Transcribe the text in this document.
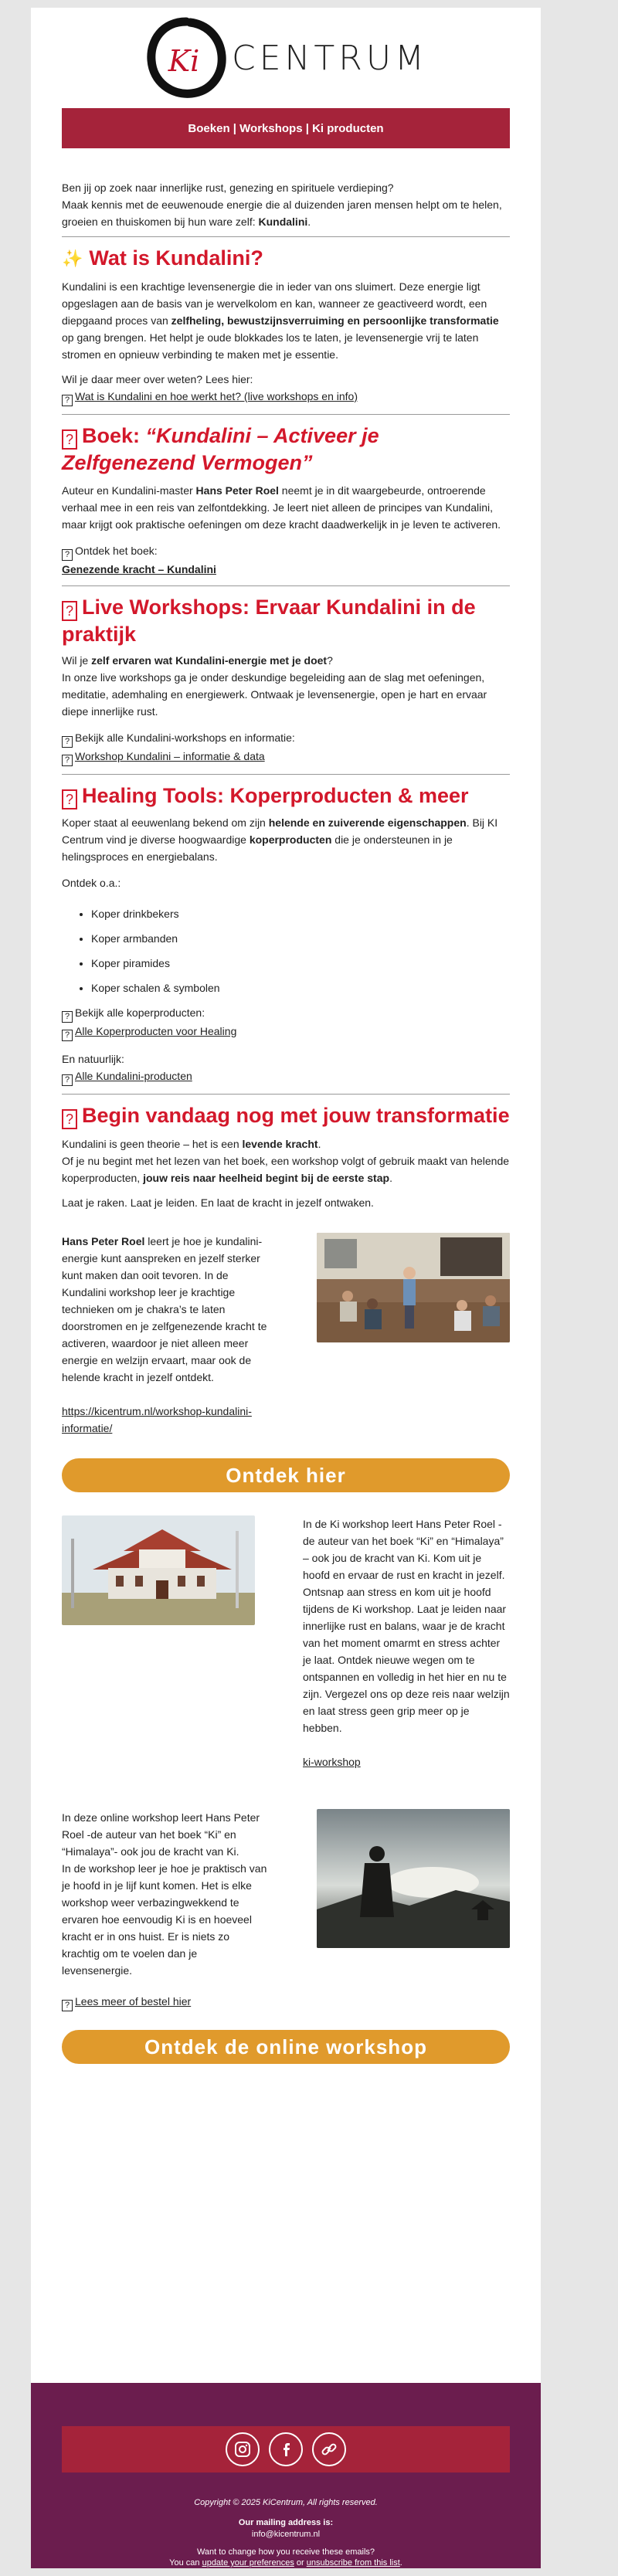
Ki CENTRUM
Boeken | Workshops | Ki producten

Ben jij op zoek naar innerlijke rust, genezing en spirituele verdieping?
Maak kennis met de eeuwenoude energie die al duizenden jaren mensen helpt om te helen, groeien en thuiskomen bij hun ware zelf: Kundalini.

✨ Wat is Kundalini?

Kundalini is een krachtige levensenergie die in ieder van ons sluimert. Deze energie ligt opgeslagen aan de basis van je wervelkolom en kan, wanneer ze geactiveerd wordt, een diepgaand proces van zelfheling, bewustzijnsverruiming en persoonlijke transformatie op gang brengen. Het helpt je oude blokkades los te laten, je levensenergie vrij te laten stromen en opnieuw verbinding te maken met je essentie.

Wil je daar meer over weten? Lees hier:

? Wat is Kundalini en hoe werkt het? (live workshops en info)

? Boek: “Kundalini – Activeer je Zelfgenezend Vermogen”

Auteur en Kundalini-master Hans Peter Roel neemt je in dit waargebeurde, ontroerende verhaal mee in een reis van zelfontdekking. Je leert niet alleen de principes van Kundalini, maar krijgt ook praktische oefeningen om deze kracht daadwerkelijk in je leven te activeren.

? Ontdek het boek:

Genezende kracht – Kundalini

? Live Workshops: Ervaar Kundalini in de praktijk

Wil je zelf ervaren wat Kundalini-energie met je doet?
In onze live workshops ga je onder deskundige begeleiding aan de slag met oefeningen, meditatie, ademhaling en energiewerk. Ontwaak je levensenergie, open je hart en ervaar diepe innerlijke rust.

? Bekijk alle Kundalini-workshops en informatie:

? Workshop Kundalini – informatie & data

? Healing Tools: Koperproducten & meer

Koper staat al eeuwenlang bekend om zijn helende en zuiverende eigenschappen. Bij KI Centrum vind je diverse hoogwaardige koperproducten die je ondersteunen in je helingsproces en energiebalans.

Ontdek o.a.:

• Koper drinkbekers
• Koper armbanden
• Koper piramides
• Koper schalen & symbolen

? Bekijk alle koperproducten:

? Alle Koperproducten voor Healing

En natuurlijk:

? Alle Kundalini-producten

? Begin vandaag nog met jouw transformatie

Kundalini is geen theorie – het is een levende kracht.
Of je nu begint met het lezen van het boek, een workshop volgt of gebruik maakt van helende koperproducten, jouw reis naar heelheid begint bij de eerste stap.

Laat je raken. Laat je leiden. En laat de kracht in jezelf ontwaken.

Hans Peter Roel leert je hoe je kundalini-energie kunt aanspreken en jezelf sterker kunt maken dan ooit tevoren. In de Kundalini workshop leer je krachtige technieken om je chakra’s te laten doorstromen en je zelfgenezende kracht te activeren, waardoor je niet alleen meer energie en welzijn ervaart, maar ook de helende kracht in jezelf ontdekt.

https://kicentrum.nl/workshop-kundalini-informatie/

Ontdek hier

In de Ki workshop leert Hans Peter Roel -de auteur van het boek “Ki” en “Himalaya” – ook jou de kracht van Ki. Kom uit je hoofd en ervaar de rust en kracht in jezelf. Ontsnap aan stress en kom uit je hoofd tijdens de Ki workshop. Laat je leiden naar innerlijke rust en balans, waar je de kracht van het moment omarmt en stress achter je laat. Ontdek nieuwe wegen om te ontspannen en volledig in het hier en nu te zijn. Vergezel ons op deze reis naar welzijn en laat stress geen grip meer op je hebben.

ki-workshop

In deze online workshop leert Hans Peter Roel -de auteur van het boek “Ki” en “Himalaya”- ook jou de kracht van Ki.
In de workshop leer je hoe je praktisch van je hoofd in je lijf kunt komen. Het is elke workshop weer verbazingwekkend te ervaren hoe eenvoudig Ki is en hoeveel kracht er in ons huist. Er is niets zo krachtig om te voelen dan je levensenergie.

? Lees meer of bestel hier

Ontdek de online workshop
Copyright © 2025 KiCentrum, All rights reserved.
Our mailing address is:
info@kicentrum.nl
Want to change how you receive these emails?
You can update your preferences or unsubscribe from this list.
